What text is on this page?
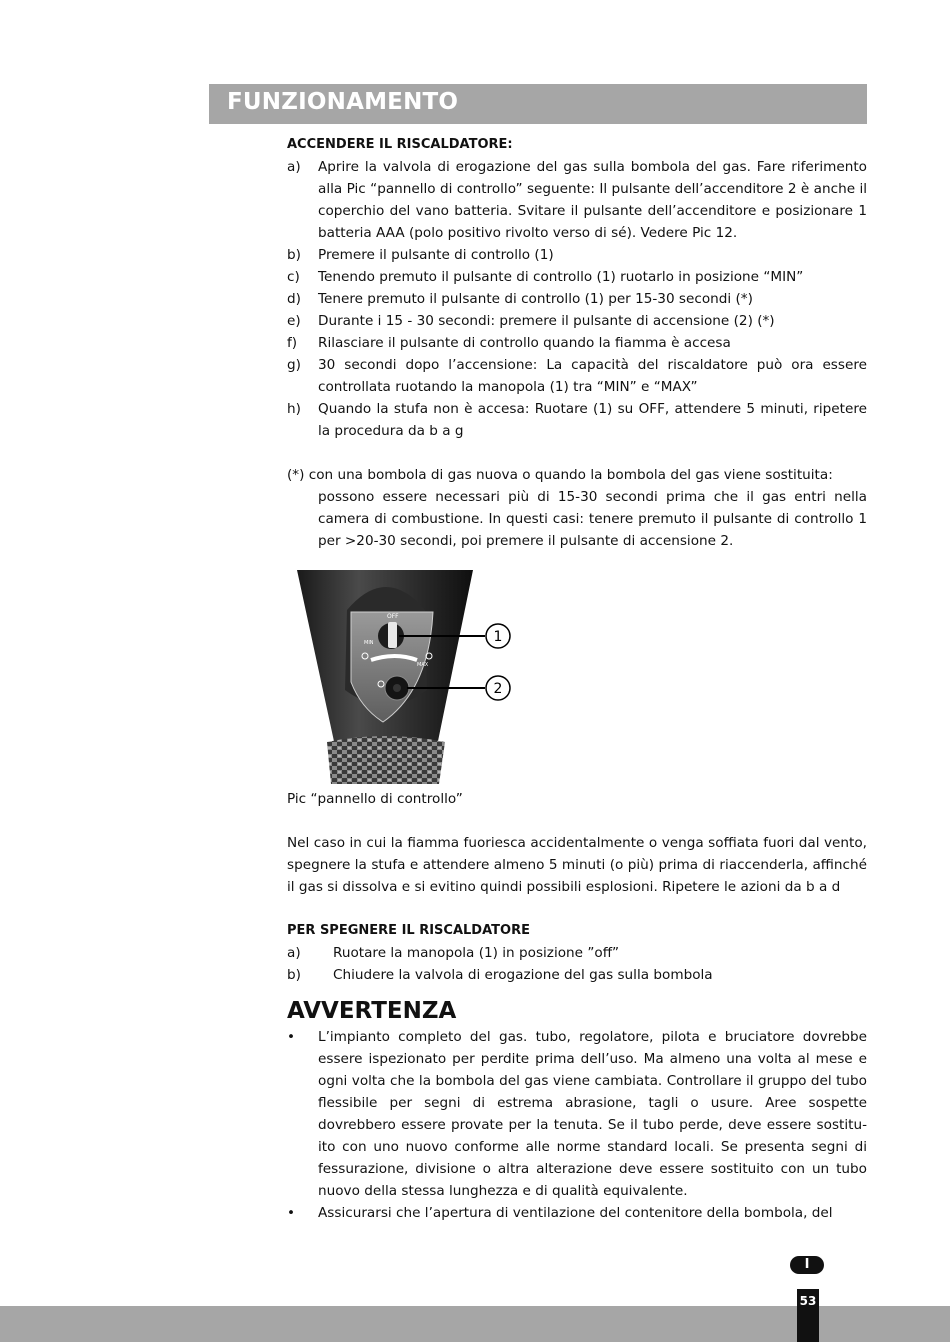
FUNZIONAMENTO
ACCENDERE IL RISCALDATORE:
a)	Aprire la valvola di erogazione del gas sulla bombola del gas. Fare riferimento alla Pic “pannello di controllo” seguente: Il pulsante dell’accenditore 2 è anche il coperchio del vano batteria. Svitare il pulsante dell’accenditore e posizionare 1 batteria AAA (polo positivo rivolto verso di sé). Vedere Pic 12.
b)	Premere il pulsante di controllo (1)
c)	Tenendo premuto il pulsante di controllo (1) ruotarlo in posizione “MIN”
d)	Tenere premuto il pulsante di controllo (1) per 15-30 secondi (*)
e)	Durante i 15 - 30 secondi: premere il pulsante di accensione (2) (*)
f)	Rilasciare il pulsante di controllo quando la fiamma è accesa
g)	30 secondi dopo l’accensione: La capacità del riscaldatore può ora essere controllata ruotando la manopola (1) tra “MIN” e “MAX”
h)	Quando la stufa non è accesa: Ruotare (1) su OFF, attendere 5 minuti, ripetere la procedura da b a g
(*) con una bombola di gas nuova o quando la bombola del gas viene sostituita:
possono essere necessari più di 15-30 secondi prima che il gas entri nella camera di combustione. In questi casi: tenere premuto il pulsante di controllo 1 per >20-30 secondi, poi premere il pulsante di accensione 2.
OFF
MIN
MAX
1
2
Pic “pannello di controllo”
Nel caso in cui la fiamma fuoriesca accidentalmente o venga soffiata fuori dal vento, spegnere la stufa e attendere almeno 5 minuti (o più) prima di riaccenderla, affinché il gas si dissolva e si evitino quindi possibili esplosioni. Ripetere le azioni da b a d
PER SPEGNERE IL RISCALDATORE
a)	Ruotare la manopola (1) in posizione ”off”
b)	Chiudere la valvola di erogazione del gas sulla bombola
AVVERTENZA
•	L’impianto completo del gas. tubo, regolatore, pilota e bruciatore dovrebbe essere ispezionato per perdite prima dell’uso. Ma almeno una volta al mese e ogni volta che la bombola del gas viene cambiata. Controllare il gruppo del tubo flessibile per segni di estrema abrasione, tagli o usure. Aree sospette dovrebbero essere provate per la tenuta. Se il tubo perde, deve essere sostitu-ito con uno nuovo conforme alle norme standard locali. Se presenta segni di fessurazione, divisione o altra alterazione deve essere sostituito con un tubo nuovo della stessa lunghezza e di qualità equivalente.
•	Assicurarsi che l’apertura di ventilazione del contenitore della bombola, del
I
53
